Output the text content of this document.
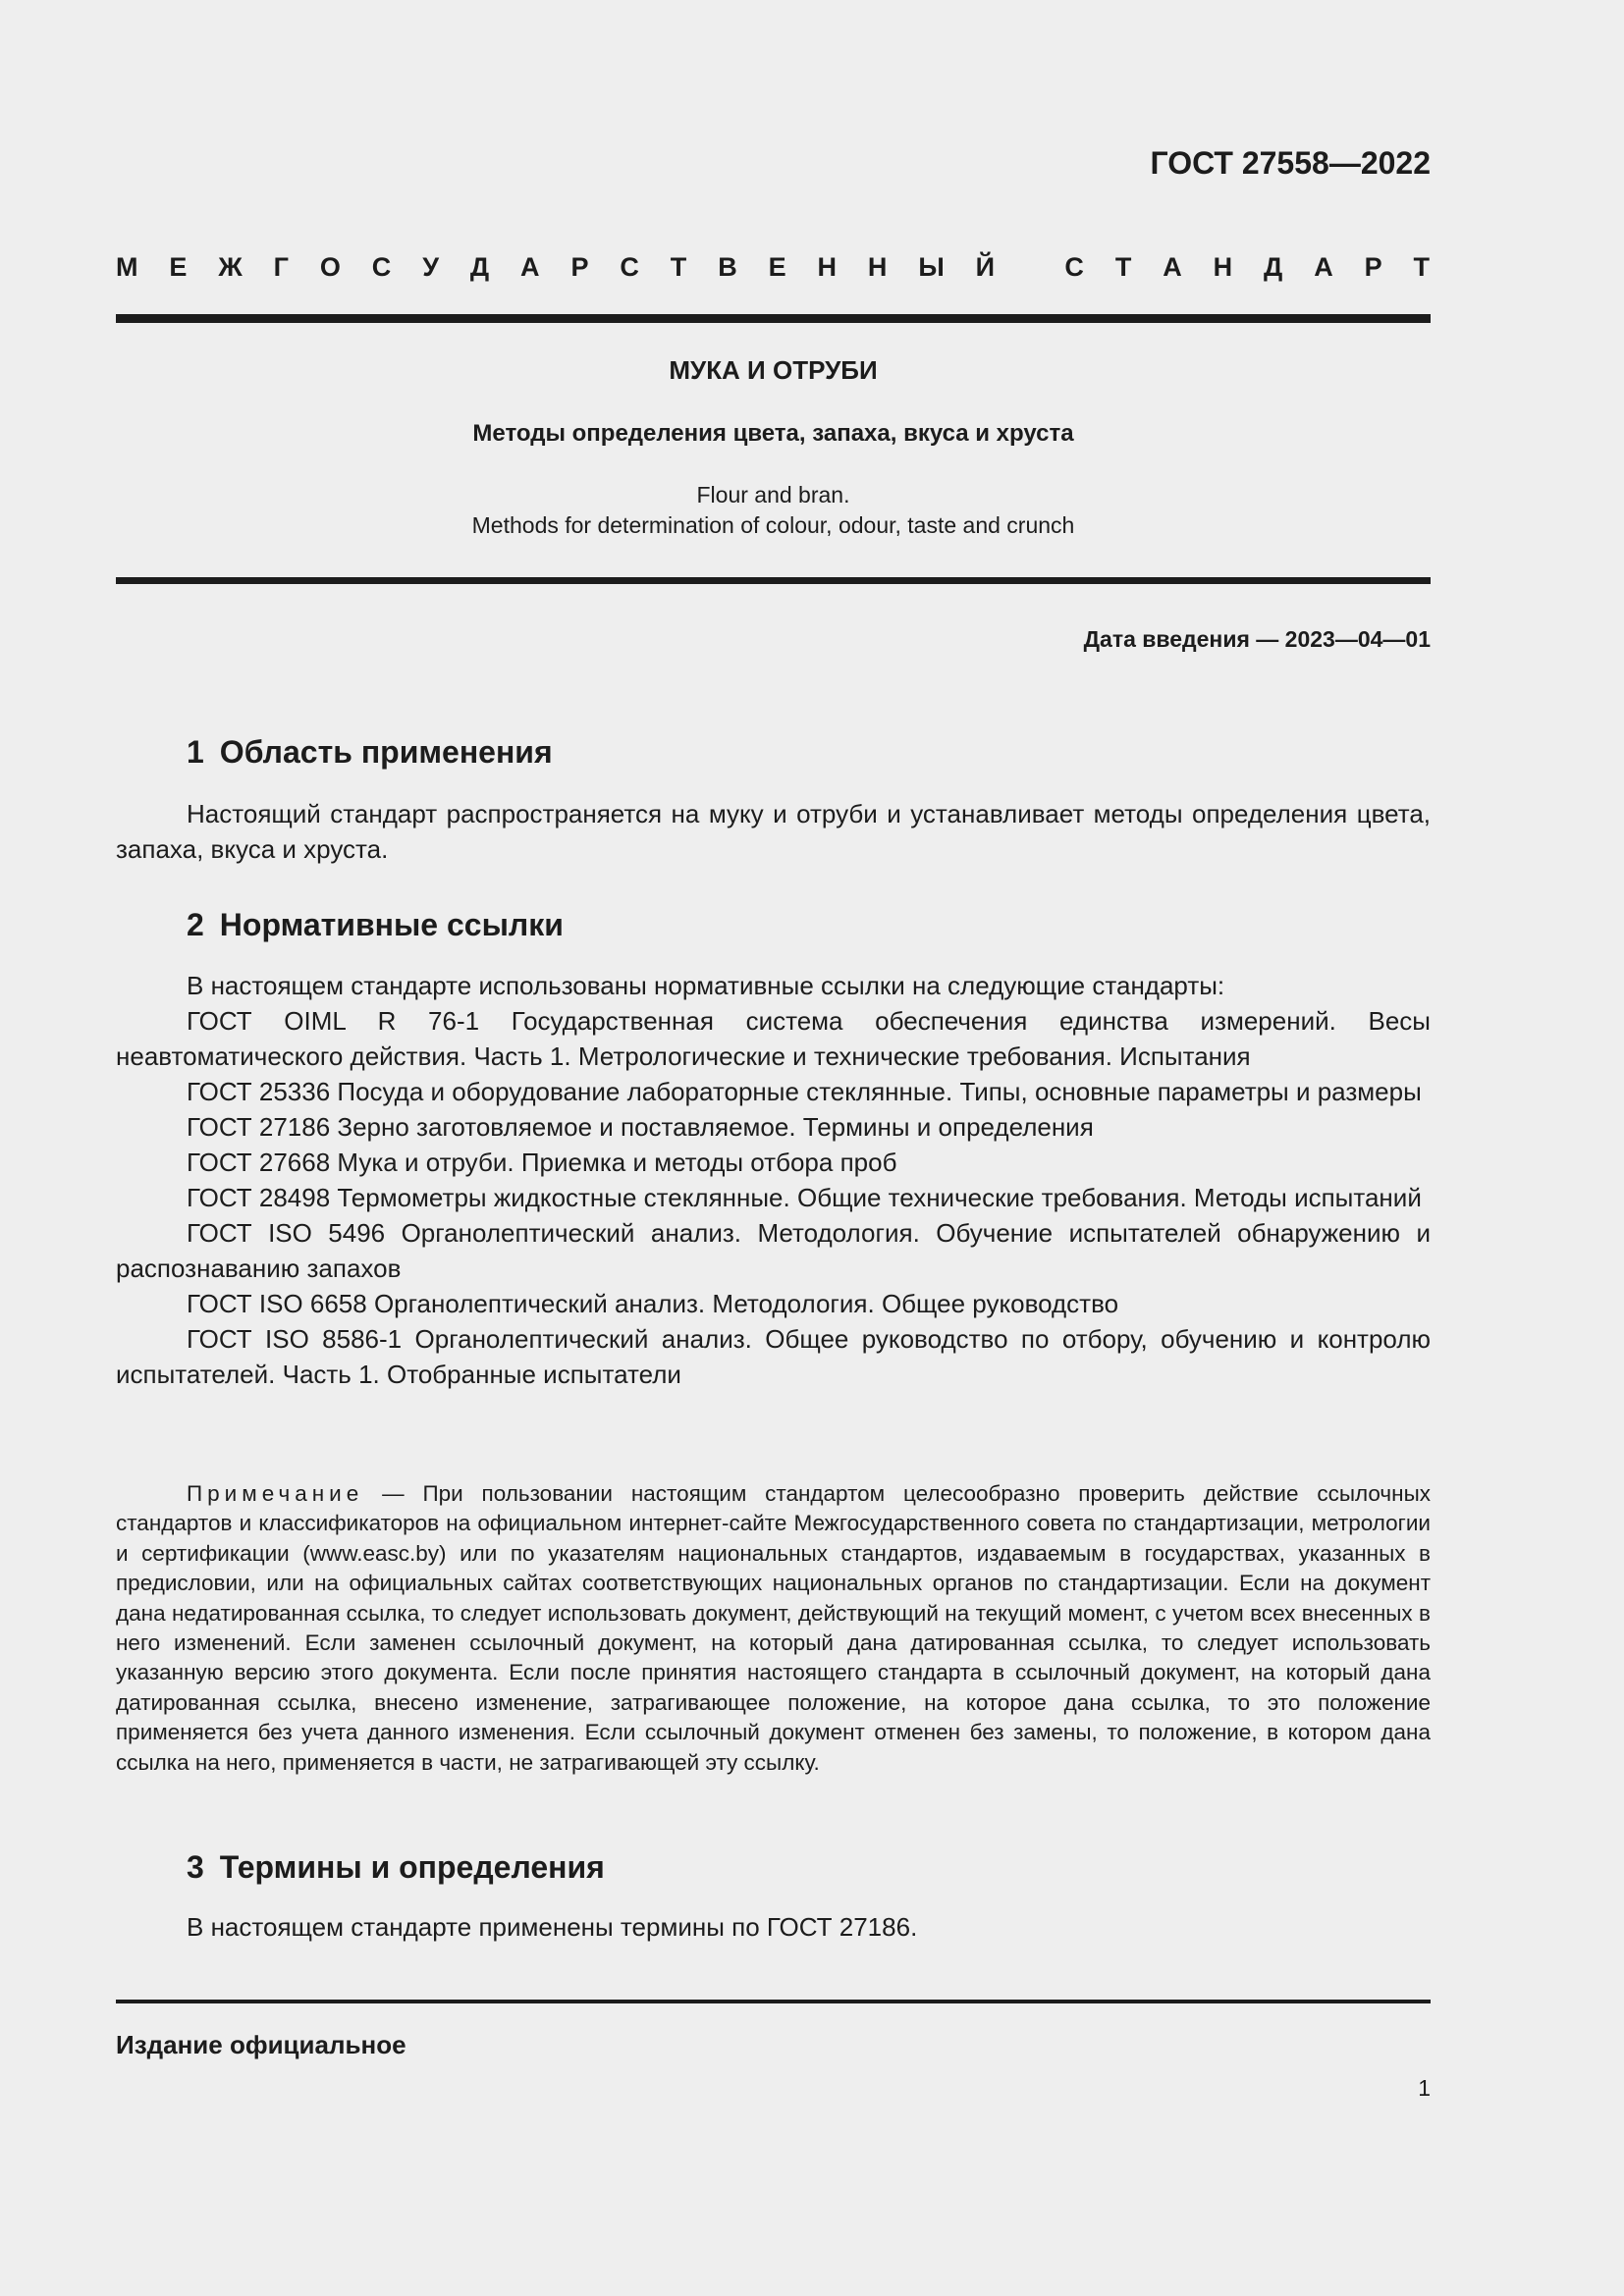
ГОСТ 27558—2022
М Е Ж Г О С У Д А Р С Т В Е Н Н Ы Й	С Т А Н Д А Р Т
МУКА И ОТРУБИ
Методы определения цвета, запаха, вкуса и хруста
Flour and bran.
Methods for determination of colour, odour, taste and crunch
Дата введения — 2023—04—01
1 Область применения

Настоящий стандарт распространяется на муку и отруби и устанавливает методы определения цвета, запаха, вкуса и хруста.

2 Нормативные ссылки

В настоящем стандарте использованы нормативные ссылки на следующие стандарты:

ГОСТ OIML R 76-1 Государственная система обеспечения единства измерений. Весы неавтоматического действия. Часть 1. Метрологические и технические требования. Испытания

ГОСТ 25336 Посуда и оборудование лабораторные стеклянные. Типы, основные параметры и размеры

ГОСТ 27186 Зерно заготовляемое и поставляемое. Термины и определения

ГОСТ 27668 Мука и отруби. Приемка и методы отбора проб

ГОСТ 28498 Термометры жидкостные стеклянные. Общие технические требования. Методы испытаний

ГОСТ ISO 5496 Органолептический анализ. Методология. Обучение испытателей обнаружению и распознаванию запахов

ГОСТ ISO 6658 Органолептический анализ. Методология. Общее руководство

ГОСТ ISO 8586-1 Органолептический анализ. Общее руководство по отбору, обучению и контролю испытателей. Часть 1. Отобранные испытатели

Примечание — При пользовании настоящим стандартом целесообразно проверить действие ссылочных стандартов и классификаторов на официальном интернет-сайте Межгосударственного совета по стандартизации, метрологии и сертификации (www.easc.by) или по указателям национальных стандартов, издаваемым в государствах, указанных в предисловии, или на официальных сайтах соответствующих национальных органов по стандартизации. Если на документ дана недатированная ссылка, то следует использовать документ, действующий на текущий момент, с учетом всех внесенных в него изменений. Если заменен ссылочный документ, на который дана датированная ссылка, то следует использовать указанную версию этого документа. Если после принятия настоящего стандарта в ссылочный документ, на который дана датированная ссылка, внесено изменение, затрагивающее положение, на которое дана ссылка, то это положение применяется без учета данного изменения. Если ссылочный документ отменен без замены, то положение, в котором дана ссылка на него, применяется в части, не затрагивающей эту ссылку.

3 Термины и определения

В настоящем стандарте применены термины по ГОСТ 27186.

Издание официальное
1
